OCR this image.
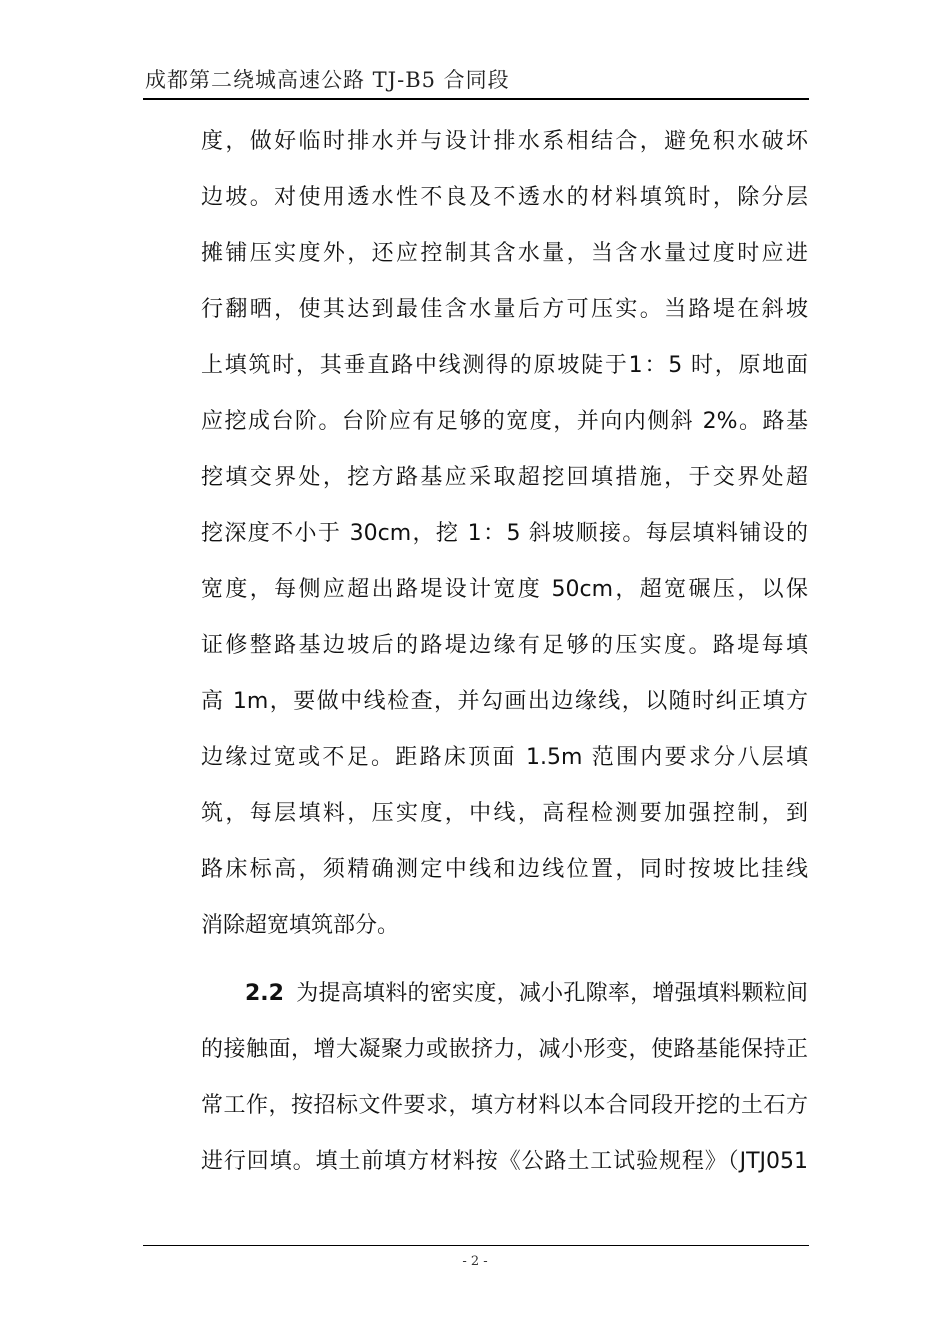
成都第二绕城高速公路 TJ-B5 合同段
度，做好临时排水并与设计排水系相结合，避免积水破坏
边坡。对使用透水性不良及不透水的材料填筑时，除分层
摊铺压实度外，还应控制其含水量，当含水量过度时应进
行翻晒，使其达到最佳含水量后方可压实。当路堤在斜坡
上填筑时，其垂直路中线测得的原坡陡于1：5 时，原地面
应挖成台阶。台阶应有足够的宽度，并向内侧斜 2%。路基
挖填交界处，挖方路基应采取超挖回填措施，于交界处超
挖深度不小于 30cm，挖 1：5 斜坡顺接。每层填料铺设的
宽度，每侧应超出路堤设计宽度 50cm，超宽碾压，以保
证修整路基边坡后的路堤边缘有足够的压实度。路堤每填
高 1m，要做中线检查，并勾画出边缘线，以随时纠正填方
边缘过宽或不足。距路床顶面 1.5m 范围内要求分八层填
筑，每层填料，压实度，中线，高程检测要加强控制，到
路床标高，须精确测定中线和边线位置，同时按坡比挂线
消除超宽填筑部分。
2.2 为提高填料的密实度，减小孔隙率，增强填料颗粒间
的接触面，增大凝聚力或嵌挤力，减小形变，使路基能保持正
常工作，按招标文件要求，填方材料以本合同段开挖的土石方
进行回填。填土前填方材料按《公路土工试验规程》（JTJ051
- 2 -
